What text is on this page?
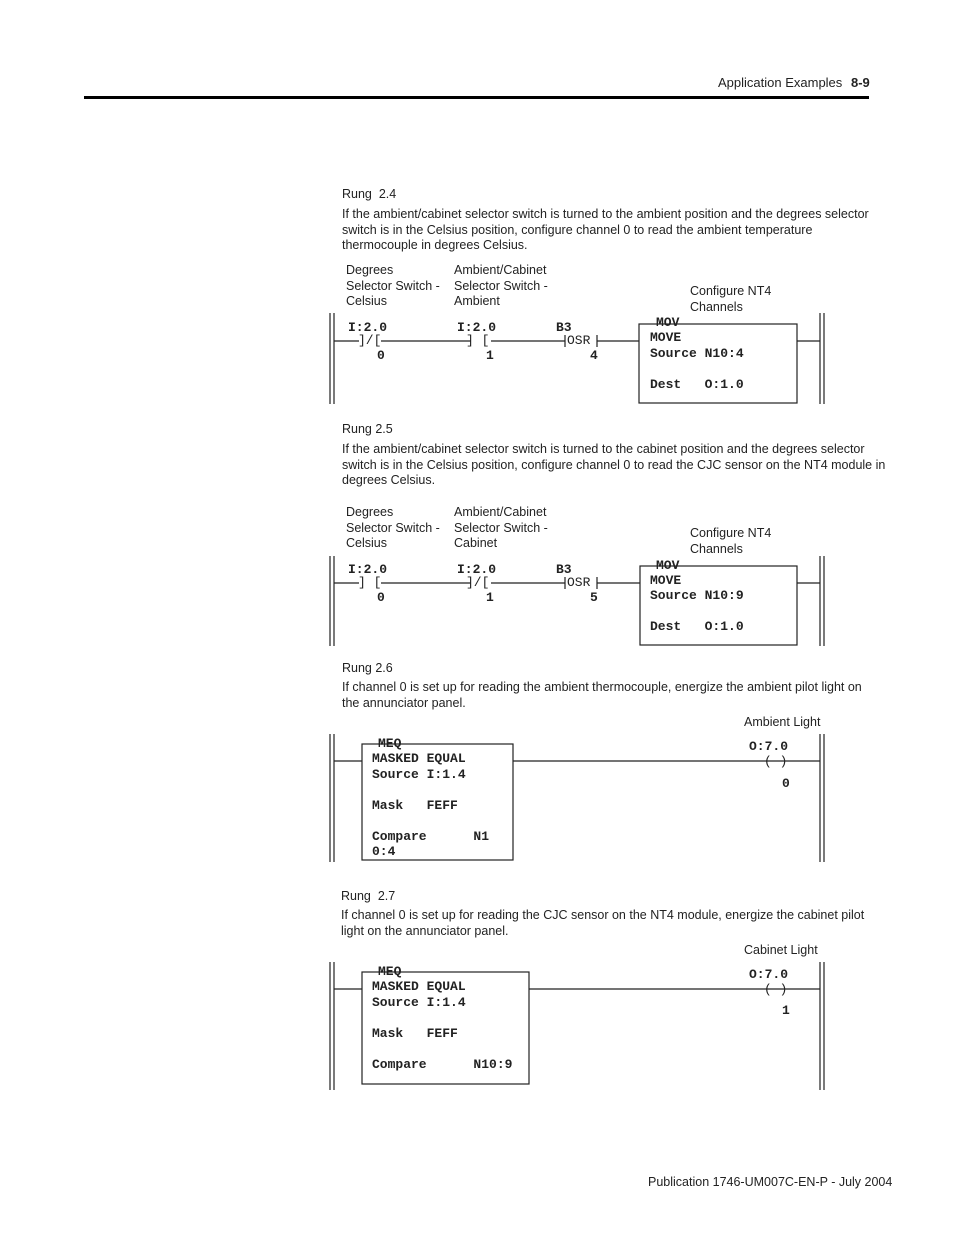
Application Examples 8-9
Rung  2.4
If the ambient/cabinet selector switch is turned to the ambient position and the degrees selector
switch is in the Celsius position, configure channel 0 to read the ambient temperature
thermocouple in degrees Celsius.
Degrees
Selector Switch -
Celsius
Ambient/Cabinet
Selector Switch -
Ambient
Configure NT4
Channels
I:2.0
]/[
0
I:2.0
] [
1
B3
OSR
4
MOV
MOVE
Source N10:4
Dest   O:1.0
Rung 2.5
If the ambient/cabinet selector switch is turned to the cabinet position and the degrees selector
switch is in the Celsius position, configure channel 0 to read the CJC sensor on the NT4 module in
degrees Celsius.
Degrees
Selector Switch -
Celsius
Ambient/Cabinet
Selector Switch -
Cabinet
Configure NT4
Channels
I:2.0
] [
0
I:2.0
]/[
1
B3
OSR
5
MOV
MOVE
Source N10:9
Dest   O:1.0
Rung 2.6
If channel 0 is set up for reading the ambient thermocouple, energize the ambient pilot light on
the annunciator panel.
Ambient Light
MEQ
MASKED EQUAL
Source I:1.4
Mask   FEFF
Compare      N1
0:4
O:7.0
( )
0
Rung  2.7
If channel 0 is set up for reading the CJC sensor on the NT4 module, energize the cabinet pilot
light on the annunciator panel.
Cabinet Light
MEQ
MASKED EQUAL
Source I:1.4
Mask   FEFF
Compare      N10:9
O:7.0
( )
1
Publication 1746-UM007C-EN-P - July 2004
